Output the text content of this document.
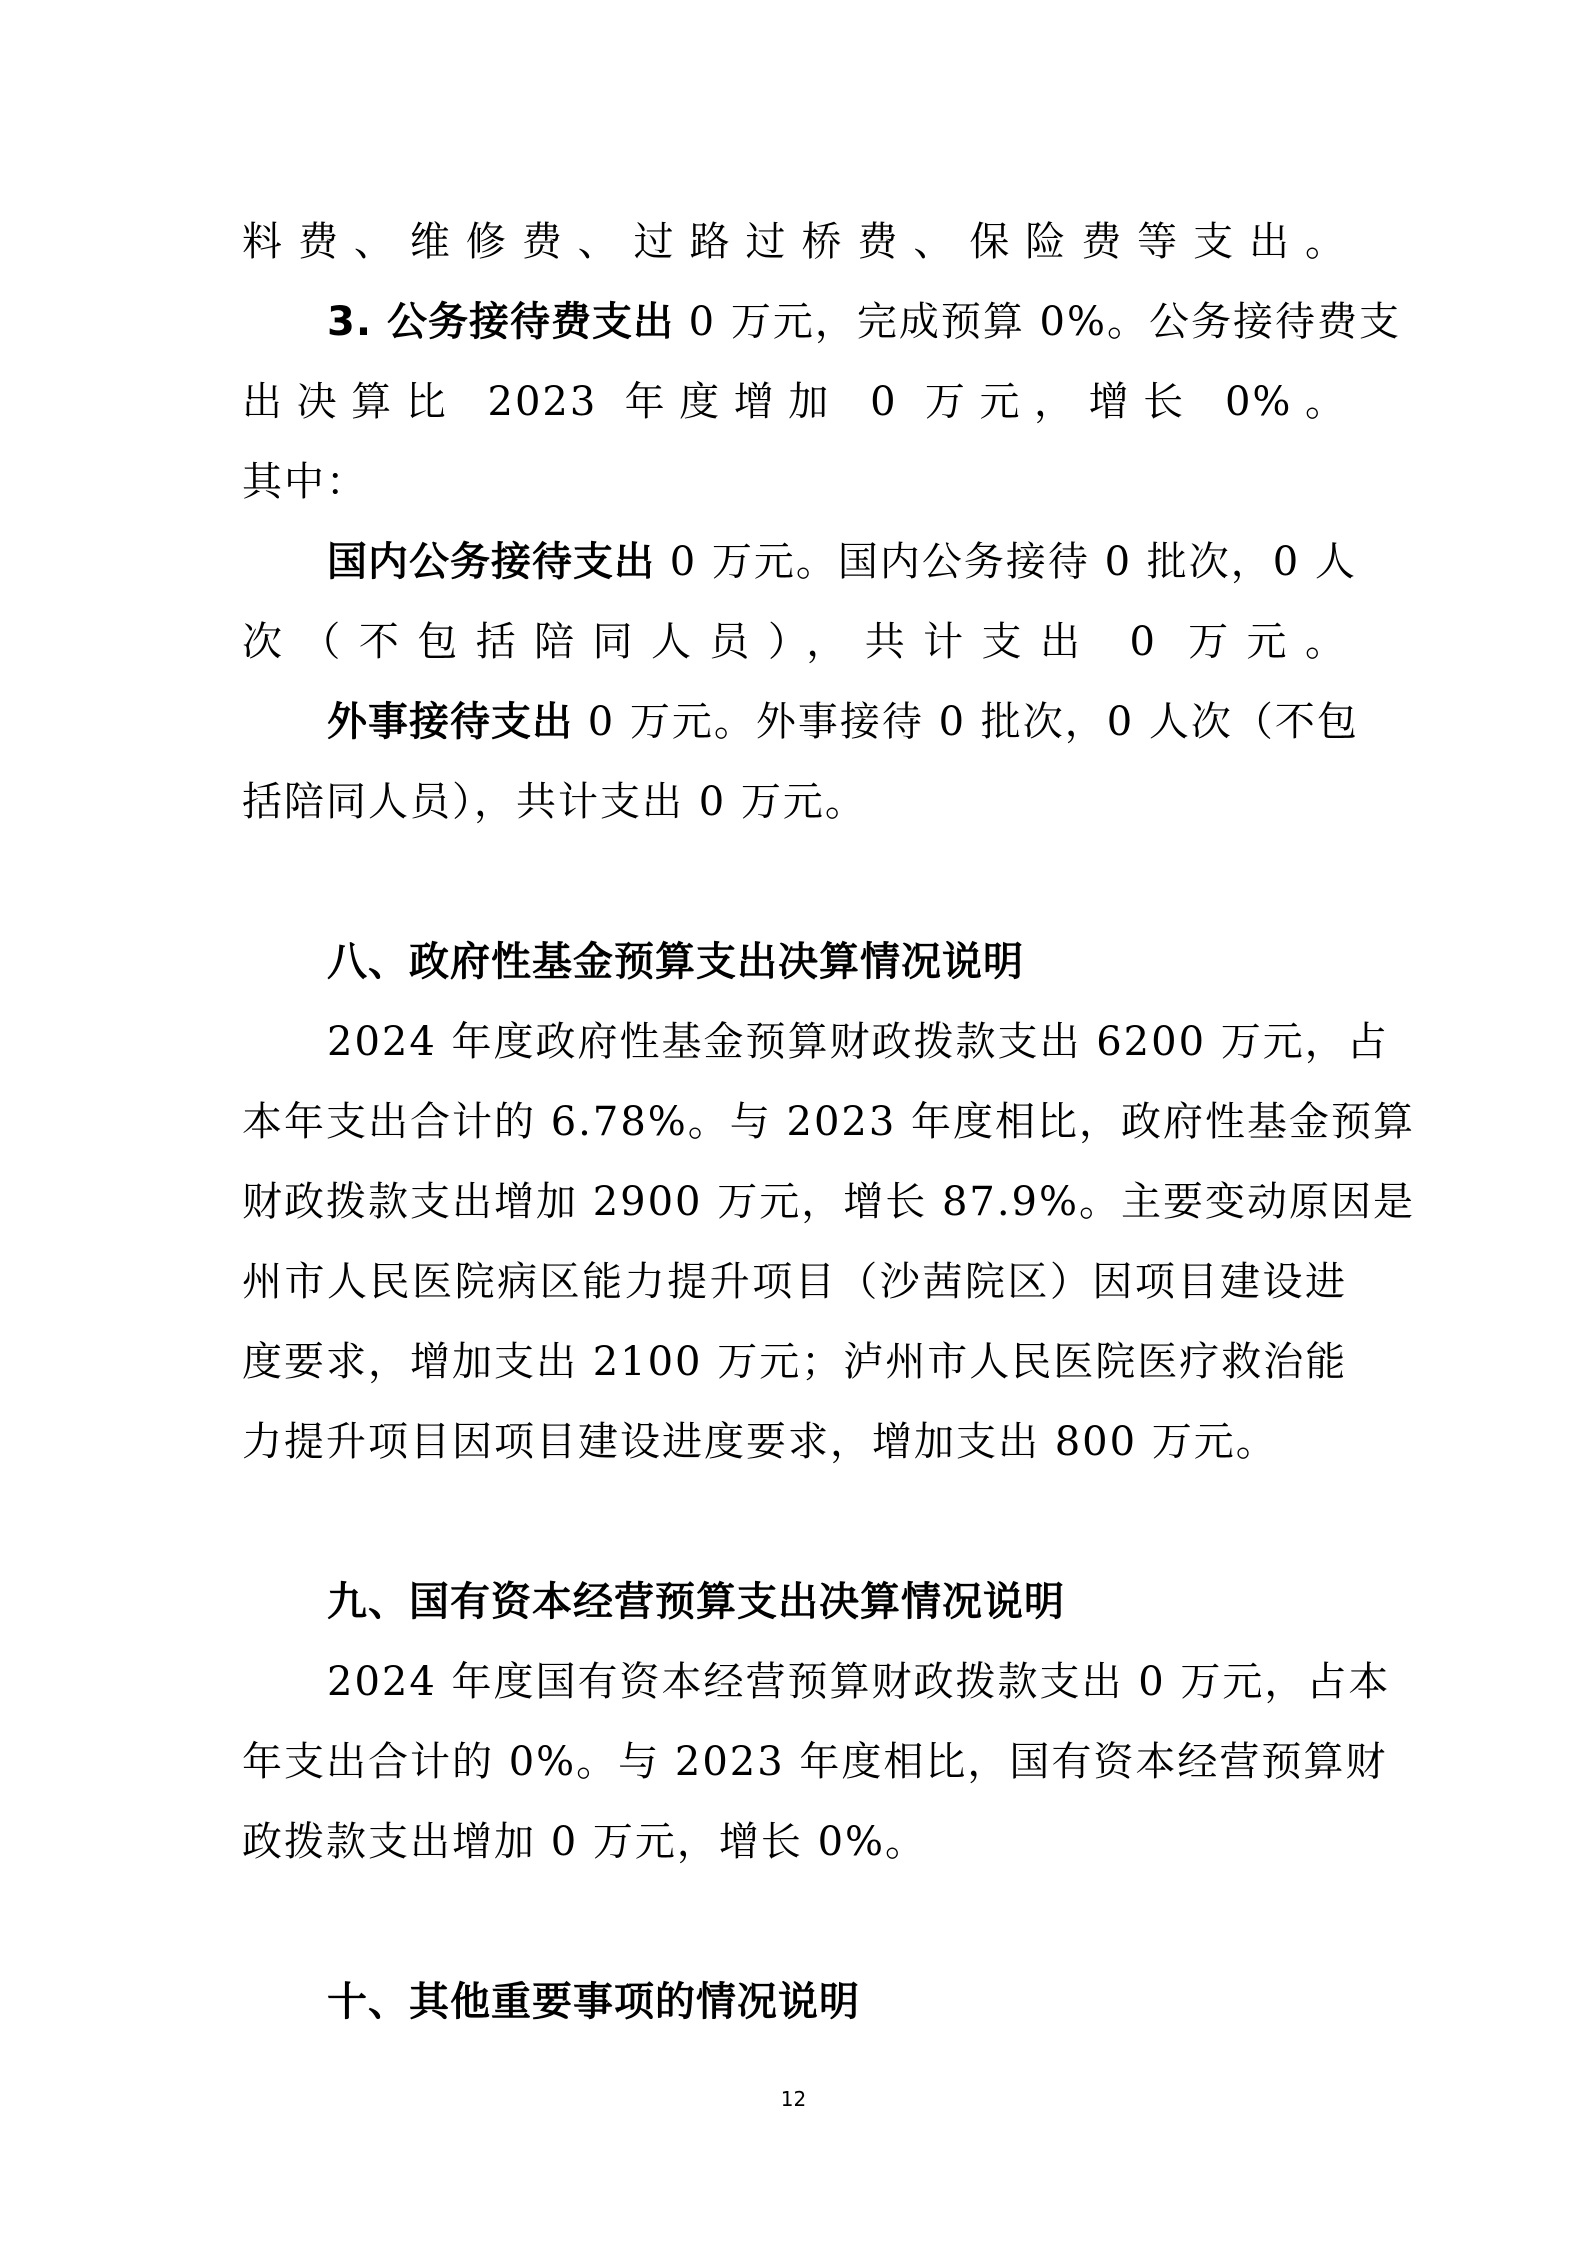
料费、维修费、过路过桥费、保险费等支出。
3. 公务接待费支出 0 万元，完成预算 0%。公务接待费支
出决算比 2023 年度增加 0 万元，增长 0%。
其中：
国内公务接待支出 0 万元。国内公务接待 0 批次，0 人
次（不包括陪同人员），共计支出 0 万元。
外事接待支出 0 万元。外事接待 0 批次，0 人次（不包
括陪同人员），共计支出 0 万元。
八、政府性基金预算支出决算情况说明
2024 年度政府性基金预算财政拨款支出 6200 万元，占
本年支出合计的 6.78%。与 2023 年度相比，政府性基金预算
财政拨款支出增加 2900 万元，增长 87.9%。主要变动原因是
州市人民医院病区能力提升项目（沙茜院区）因项目建设进
度要求，增加支出 2100 万元；泸州市人民医院医疗救治能
力提升项目因项目建设进度要求，增加支出 800 万元。
九、国有资本经营预算支出决算情况说明
2024 年度国有资本经营预算财政拨款支出 0 万元，占本
年支出合计的 0%。与 2023 年度相比，国有资本经营预算财
政拨款支出增加 0 万元，增长 0%。
十、其他重要事项的情况说明
12
